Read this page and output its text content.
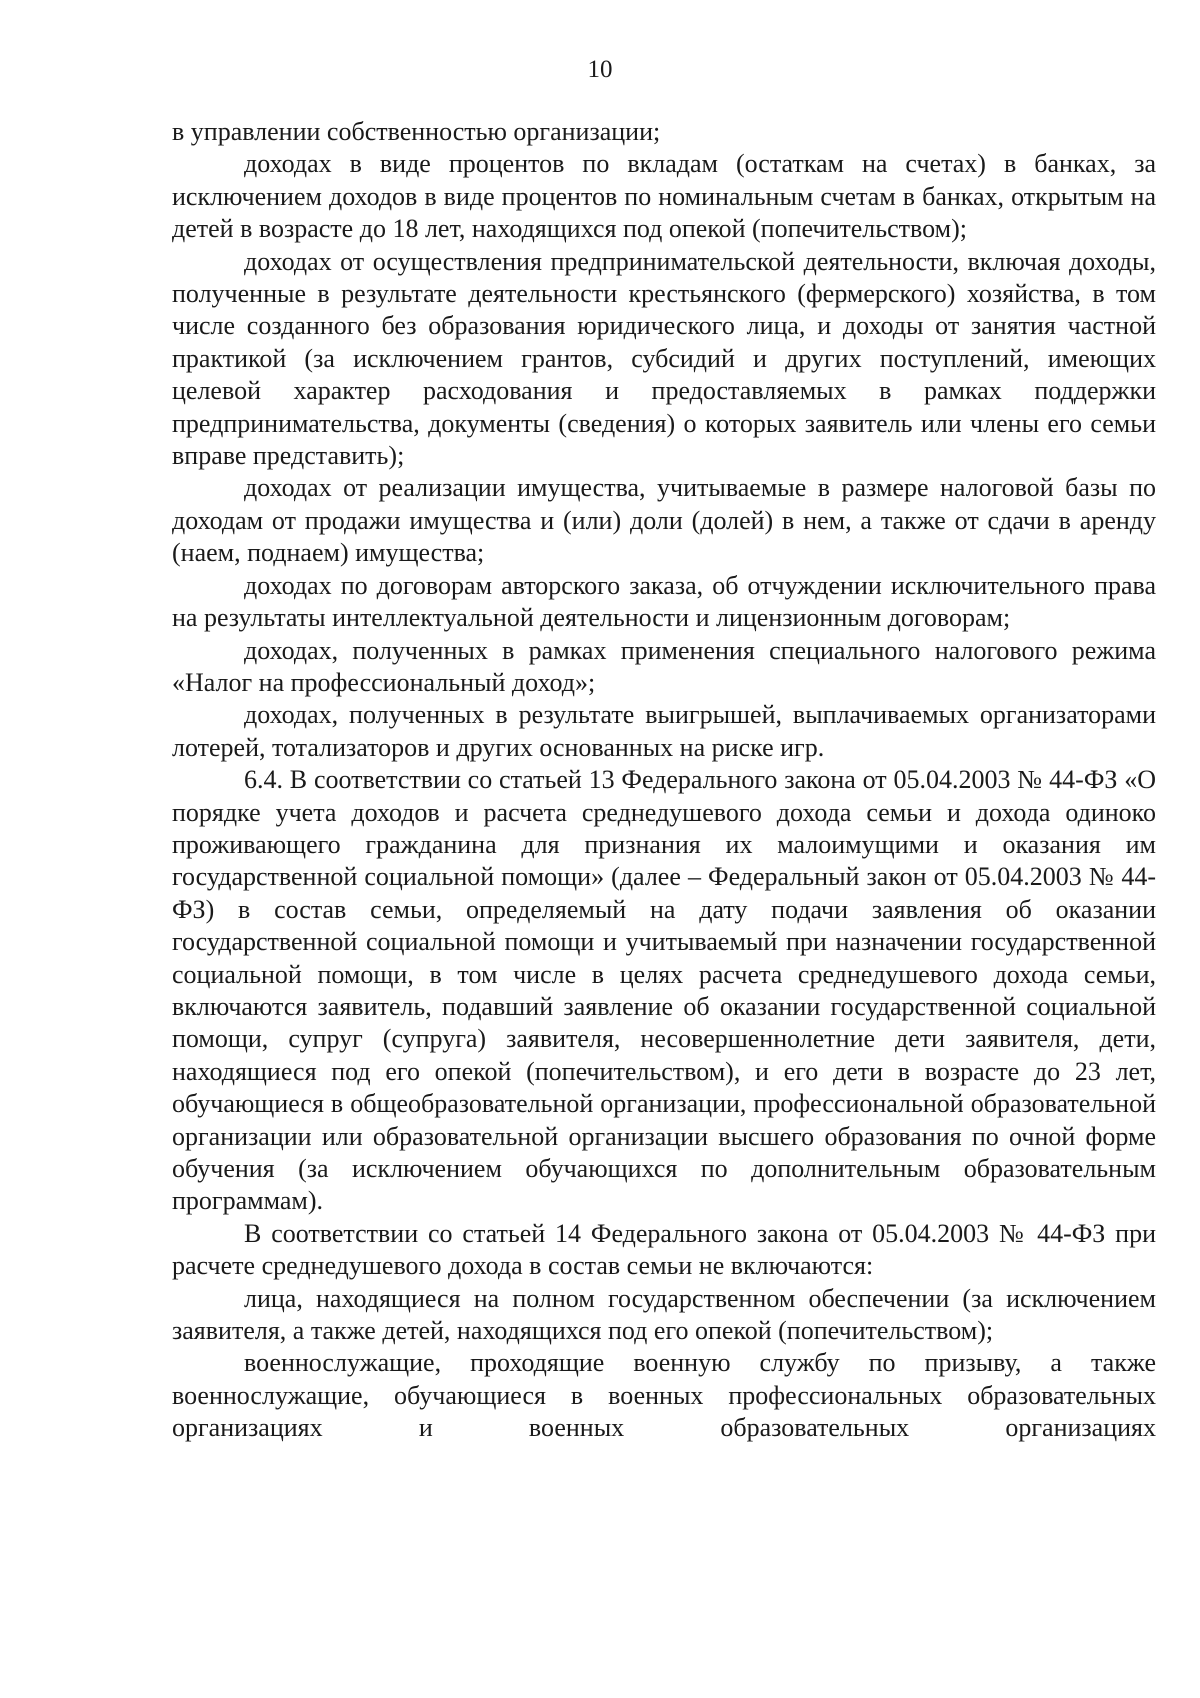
10

в управлении собственностью организации;

доходах в виде процентов по вкладам (остаткам на счетах) в банках, за исключением доходов в виде процентов по номинальным счетам в банках, открытым на детей в возрасте до 18 лет, находящихся под опекой (попечительством);

доходах от осуществления предпринимательской деятельности, включая доходы, полученные в результате деятельности крестьянского (фермерского) хозяйства, в том числе созданного без образования юридического лица, и доходы от занятия частной практикой (за исключением грантов, субсидий и других поступлений, имеющих целевой характер расходования и предоставляемых в рамках поддержки предпринимательства, документы (сведения) о которых заявитель или члены его семьи вправе представить);

доходах от реализации имущества, учитываемые в размере налоговой базы по доходам от продажи имущества и (или) доли (долей) в нем, а также от сдачи в аренду (наем, поднаем) имущества;

доходах по договорам авторского заказа, об отчуждении исключительного права на результаты интеллектуальной деятельности и лицензионным договорам;

доходах, полученных в рамках применения специального налогового режима «Налог на профессиональный доход»;

доходах, полученных в результате выигрышей, выплачиваемых организаторами лотерей, тотализаторов и других основанных на риске игр.

6.4. В соответствии со статьей 13 Федерального закона от 05.04.2003 № 44-ФЗ «О порядке учета доходов и расчета среднедушевого дохода семьи и дохода одиноко проживающего гражданина для признания их малоимущими и оказания им государственной социальной помощи» (далее – Федеральный закон от 05.04.2003 № 44-ФЗ) в состав семьи, определяемый на дату подачи заявления об оказании государственной социальной помощи и учитываемый при назначении государственной социальной помощи, в том числе в целях расчета среднедушевого дохода семьи, включаются заявитель, подавший заявление об оказании государственной социальной помощи, супруг (супруга) заявителя, несовершеннолетние дети заявителя, дети, находящиеся под его опекой (попечительством), и его дети в возрасте до 23 лет, обучающиеся в общеобразовательной организации, профессиональной образовательной организации или образовательной организации высшего образования по очной форме обучения (за исключением обучающихся по дополнительным образовательным программам).

В соответствии со статьей 14 Федерального закона от 05.04.2003 № 44-ФЗ при расчете среднедушевого дохода в состав семьи не включаются:

лица, находящиеся на полном государственном обеспечении (за исключением заявителя, а также детей, находящихся под его опекой (попечительством);

военнослужащие, проходящие военную службу по призыву, а также военнослужащие, обучающиеся в военных профессиональных образовательных организациях и военных образовательных организациях
